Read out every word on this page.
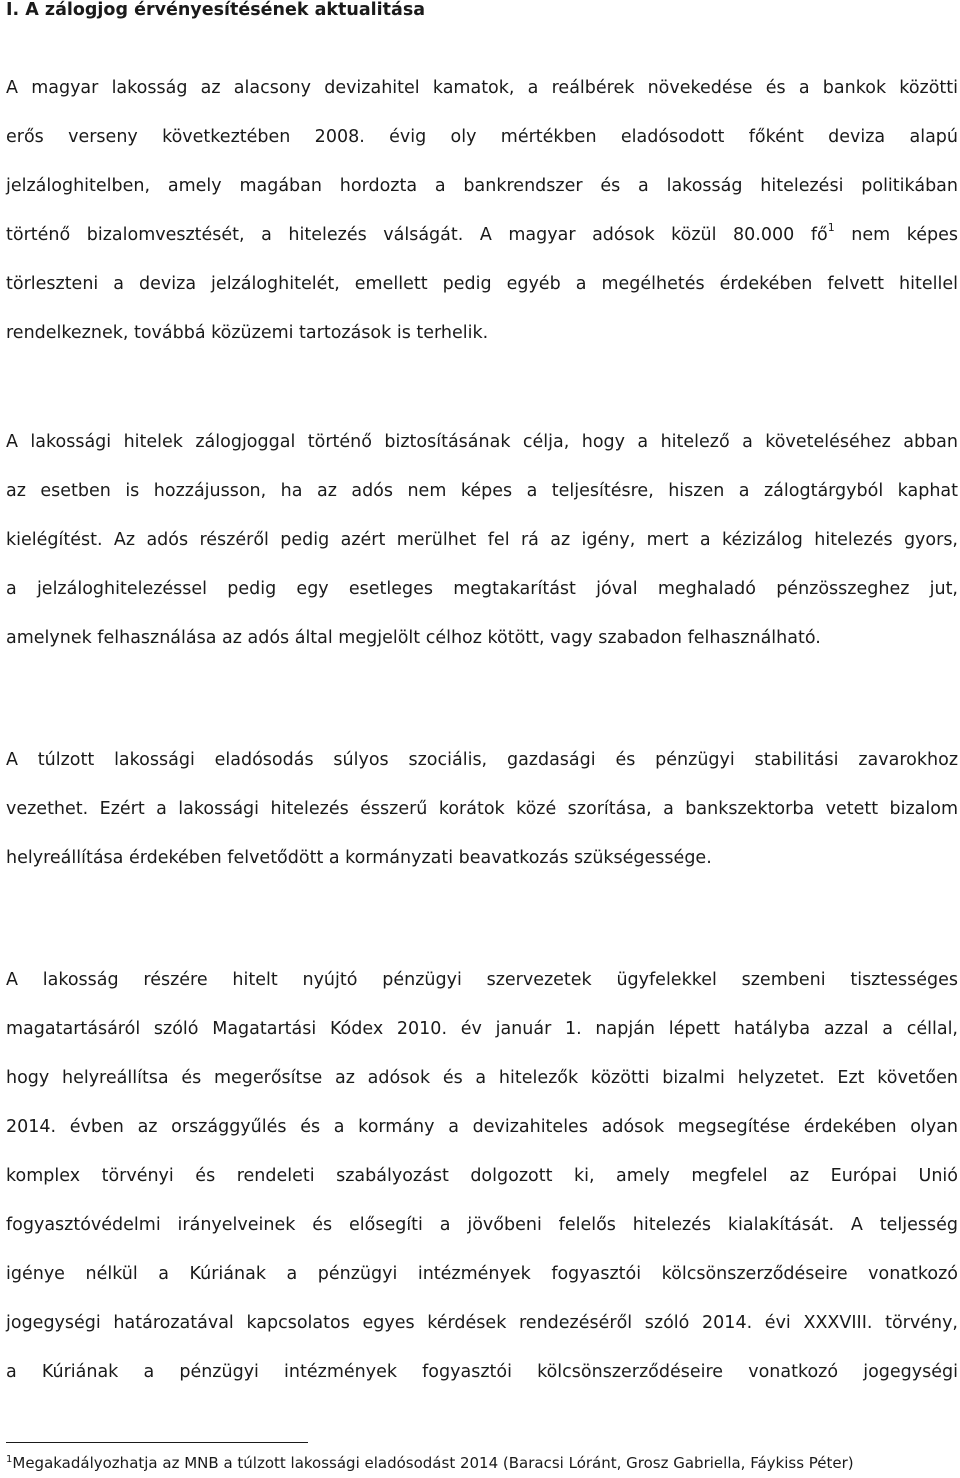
I. A zálogjog érvényesítésének aktualitása
A magyar lakosság az alacsony devizahitel kamatok, a reálbérek növekedése és a bankok közötti
erős verseny következtében 2008. évig oly mértékben eladósodott főként deviza alapú
jelzáloghitelben, amely magában hordozta a bankrendszer és a lakosság hitelezési politikában
történő bizalomvesztését, a hitelezés válságát. A magyar adósok közül 80.000 $fő^1$ nem képes
törleszteni a deviza jelzáloghitelét, emellett pedig egyéb a megélhetés érdekében felvett hitellel
rendelkeznek, továbbá közüzemi tartozások is terhelik.
A lakossági hitelek zálogjoggal történő biztosításának célja, hogy a hitelező a követeléséhez abban
az esetben is hozzájusson, ha az adós nem képes a teljesítésre, hiszen a zálogtárgyból kaphat
kielégítést. Az adós részéről pedig azért merülhet fel rá az igény, mert a kézizálog hitelezés gyors,
a jelzáloghitelezéssel pedig egy esetleges megtakarítást jóval meghaladó pénzösszeghez jut,
amelynek felhasználása az adós által megjelölt célhoz kötött, vagy szabadon felhasználható.
A túlzott lakossági eladósodás súlyos szociális, gazdasági és pénzügyi stabilitási zavarokhoz
vezethet. Ezért a lakossági hitelezés ésszerű korátok közé szorítása, a bankszektorba vetett bizalom
helyreállítása érdekében felvetődött a kormányzati beavatkozás szükségessége.
A lakosság részére hitelt nyújtó pénzügyi szervezetek ügyfelekkel szembeni tisztességes
magatartásáról szóló Magatartási Kódex 2010. év január 1. napján lépett hatályba azzal a céllal,
hogy helyreállítsa és megerősítse az adósok és a hitelezők közötti bizalmi helyzetet. Ezt követően
2014. évben az országgyűlés és a kormány a devizahiteles adósok megsegítése érdekében olyan
komplex törvényi és rendeleti szabályozást dolgozott ki, amely megfelel az Európai Unió
fogyasztóvédelmi irányelveinek és elősegíti a jövőbeni felelős hitelezés kialakítását. A teljesség
igénye nélkül a Kúriának a pénzügyi intézmények fogyasztói kölcsönszerződéseire vonatkozó
jogegységi határozatával kapcsolatos egyes kérdések rendezéséről szóló 2014. évi XXXVIII. törvény,
a Kúriának a pénzügyi intézmények fogyasztói kölcsönszerződéseire vonatkozó jogegységi
$^1$Megakadályozhatja az MNB a túlzott lakossági eladósodást 2014 (Baracsi Lóránt, Grosz Gabriella, Fáykiss Péter)
